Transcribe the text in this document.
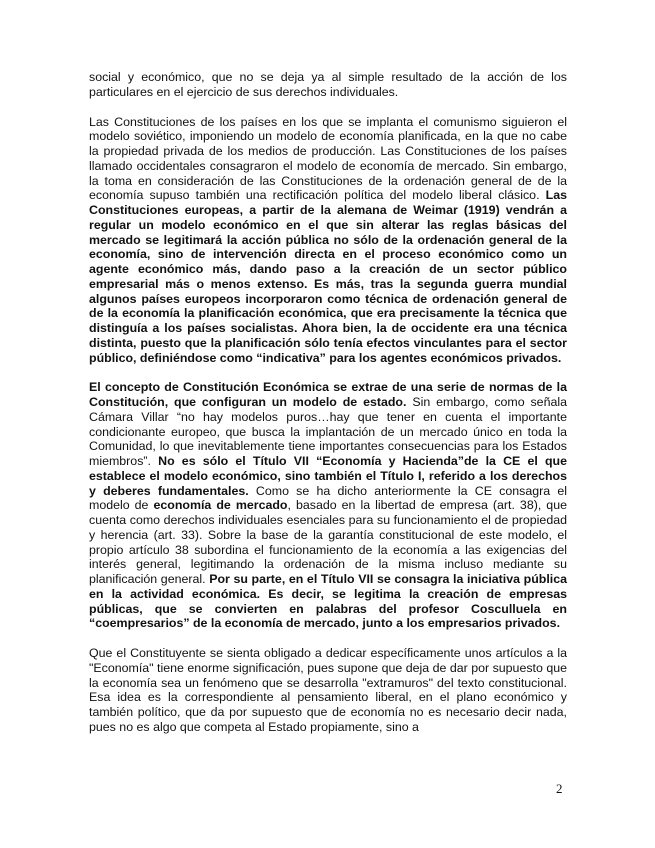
social y económico, que no se deja ya al simple resultado de la acción de los particulares en el ejercicio de sus derechos individuales.

Las Constituciones de los países en los que se implanta el comunismo siguieron el modelo soviético, imponiendo un modelo de economía planificada, en la que no cabe la propiedad privada de los medios de producción. Las Constituciones de los países llamado occidentales consagraron el modelo de economía de mercado. Sin embargo, la toma en consideración de las Constituciones de la ordenación general de de la economía supuso también una rectificación política del modelo liberal clásico. Las Constituciones europeas, a partir de la alemana de Weimar (1919) vendrán a regular un modelo económico en el que sin alterar las reglas básicas del mercado se legitimará la acción pública no sólo de la ordenación general de la economía, sino de intervención directa en el proceso económico como un agente económico más, dando paso a la creación de un sector público empresarial más o menos extenso. Es más, tras la segunda guerra mundial algunos países europeos incorporaron como técnica de ordenación general de de la economía la planificación económica, que era precisamente la técnica que distinguía a los países socialistas. Ahora bien, la de occidente era una técnica distinta, puesto que la planificación sólo tenía efectos vinculantes para el sector público, definiéndose como “indicativa” para los agentes económicos privados.

El concepto de Constitución Económica se extrae de una serie de normas de la Constitución, que configuran un modelo de estado. Sin embargo, como señala Cámara Villar “no hay modelos puros…hay que tener en cuenta el importante condicionante europeo, que busca la implantación de un mercado único en toda la Comunidad, lo que inevitablemente tiene importantes consecuencias para los Estados miembros”. No es sólo el Título VII “Economía y Hacienda”de la CE el que establece el modelo económico, sino también el Título I, referido a los derechos y deberes fundamentales. Como se ha dicho anteriormente la CE consagra el modelo de economía de mercado, basado en la libertad de empresa (art. 38), que cuenta como derechos individuales esenciales para su funcionamiento el de propiedad y herencia (art. 33). Sobre la base de la garantía constitucional de este modelo, el propio artículo 38 subordina el funcionamiento de la economía a las exigencias del interés general, legitimando la ordenación de la misma incluso mediante su planificación general. Por su parte, en el Título VII se consagra la iniciativa pública en la actividad económica. Es decir, se legitima la creación de empresas públicas, que se convierten en palabras del profesor Cosculluela en “coempresarios” de la economía de mercado, junto a los empresarios privados.

Que el Constituyente se sienta obligado a dedicar específicamente unos artículos a la "Economía" tiene enorme significación, pues supone que deja de dar por supuesto que la economía sea un fenómeno que se desarrolla "extramuros" del texto constitucional. Esa idea es la correspondiente al pensamiento liberal, en el plano económico y también político, que da por supuesto que de economía no es necesario decir nada, pues no es algo que competa al Estado propiamente, sino a

2
